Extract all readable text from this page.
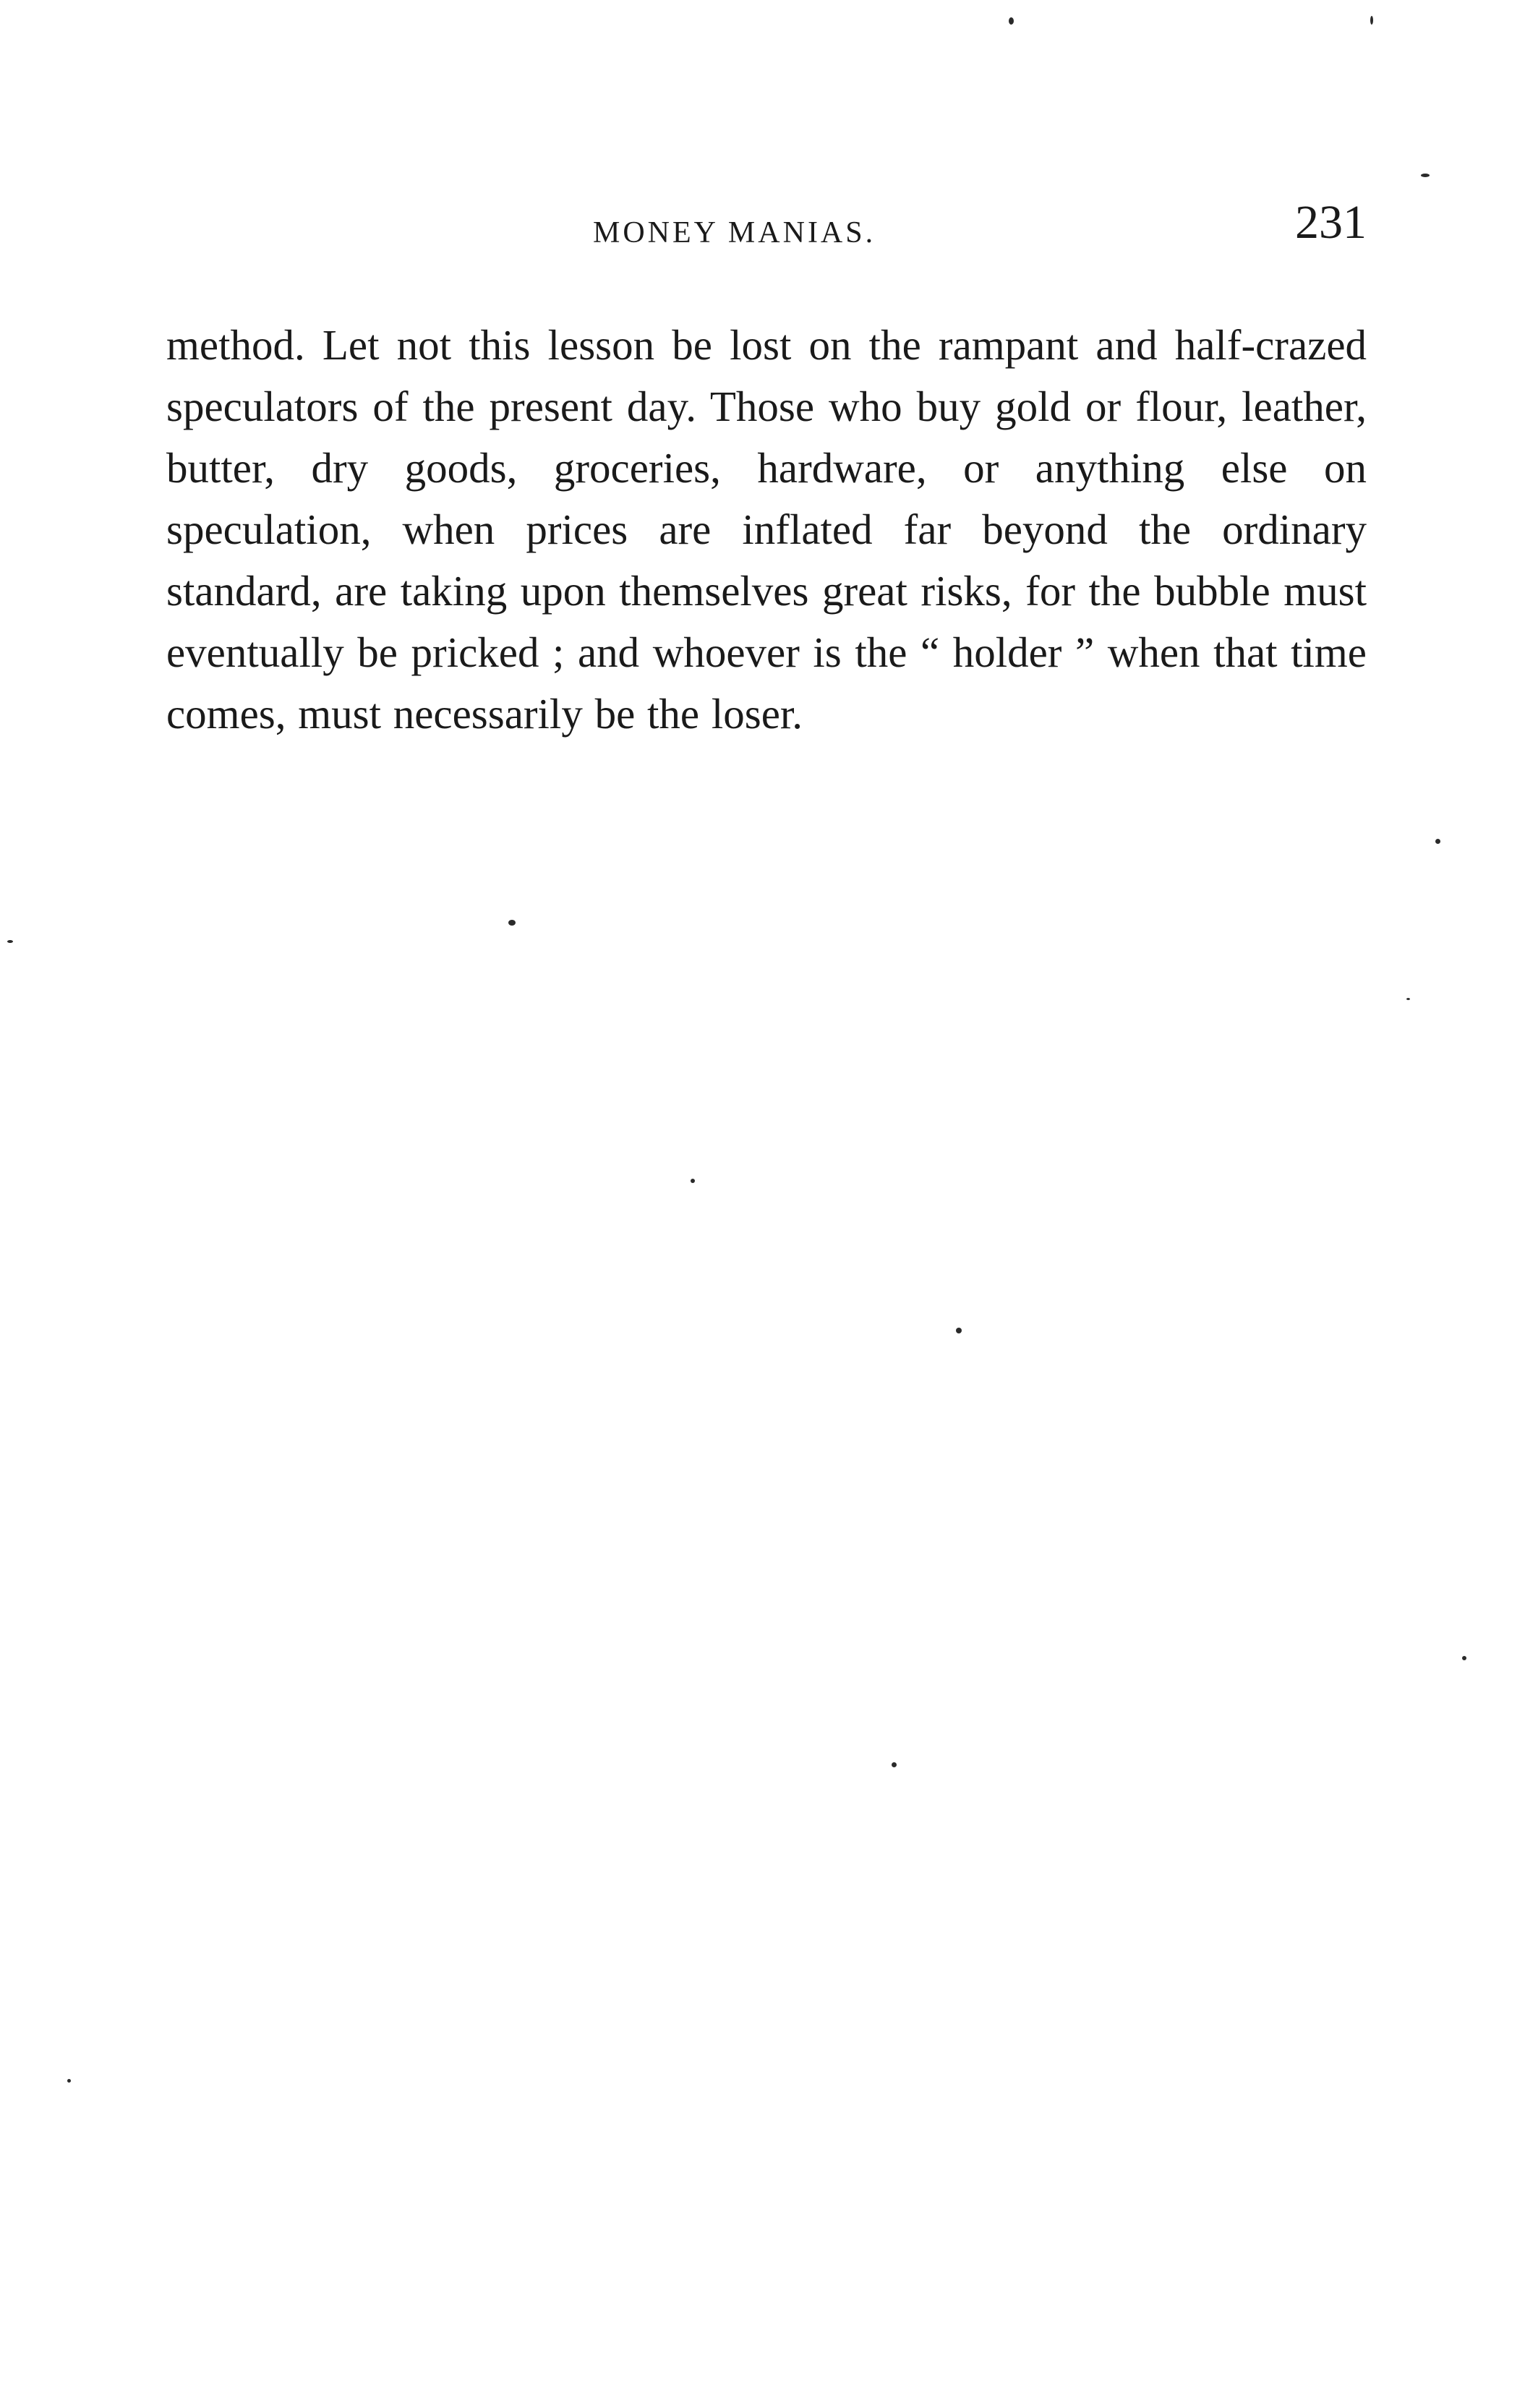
MONEY MANIAS.	231

method. Let not this lesson be lost on the rampant and half-crazed speculators of the present day. Those who buy gold or flour, leather, butter, dry goods, groceries, hardware, or anything else on speculation, when prices are inflated far beyond the ordinary standard, are taking upon themselves great risks, for the bubble must eventually be pricked ; and whoever is the “ holder ” when that time comes, must necessarily be the loser.
